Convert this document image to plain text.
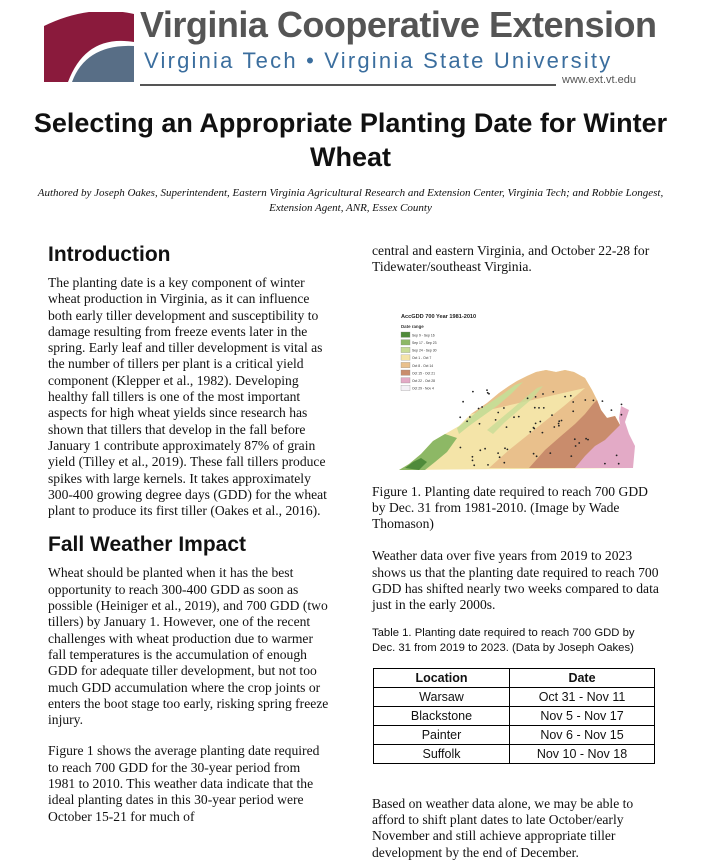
Virginia Cooperative Extension
Virginia Tech • Virginia State University
www.ext.vt.edu
Selecting an Appropriate Planting Date for Winter Wheat

Authored by Joseph Oakes, Superintendent, Eastern Virginia Agricultural Research and Extension Center, Virginia Tech; and Robbie Longest, Extension Agent, ANR, Essex County

Introduction

The planting date is a key component of winter wheat production in Virginia, as it can influence both early tiller development and susceptibility to damage resulting from freeze events later in the spring. Early leaf and tiller development is vital as the number of tillers per plant is a critical yield component (Klepper et al., 1982). Developing healthy fall tillers is one of the most important aspects for high wheat yields since research has shown that tillers that develop in the fall before January 1 contribute approximately 87% of grain yield (Tilley et al., 2019). These fall tillers produce spikes with large kernels. It takes approximately 300-400 growing degree days (GDD) for the wheat plant to produce its first tiller (Oakes et al., 2016).

Fall Weather Impact

Wheat should be planted when it has the best opportunity to reach 300-400 GDD as soon as possible (Heiniger et al., 2019), and 700 GDD (two tillers) by January 1. However, one of the recent challenges with wheat production due to warmer fall temperatures is the accumulation of enough GDD for adequate tiller development, but not too much GDD accumulation where the crop joints or enters the boot stage too early, risking spring freeze injury.

Figure 1 shows the average planting date required to reach 700 GDD for the 30-year period from 1981 to 2010. This weather data indicate that the ideal planting dates in this 30-year period were October 15-21 for much of

central and eastern Virginia, and October 22-28 for Tidewater/southeast Virginia.

AccGDD 700 Year 1981-2010
Date range
Sep 9 - Sep 16
Sep 17 - Sep 23
Sep 24 - Sep 30
Oct 1 - Oct 7
Oct 8 - Oct 14
Oct 15 - Oct 21
Oct 22 - Oct 28
Oct 29 - Nov 4

Figure 1. Planting date required to reach 700 GDD by Dec. 31 from 1981-2010. (Image by Wade Thomason)

Weather data over five years from 2019 to 2023 shows us that the planting date required to reach 700 GDD has shifted nearly two weeks compared to data just in the early 2000s.

Table 1. Planting date required to reach 700 GDD by Dec. 31 from 2019 to 2023. (Data by Joseph Oakes)

Location	Date
Warsaw	Oct 31 - Nov 11
Blackstone	Nov 5 - Nov 17
Painter	Nov 6 - Nov 15
Suffolk	Nov 10 - Nov 18

Based on weather data alone, we may be able to afford to shift plant dates to late October/early November and still achieve appropriate tiller development by the end of December.
